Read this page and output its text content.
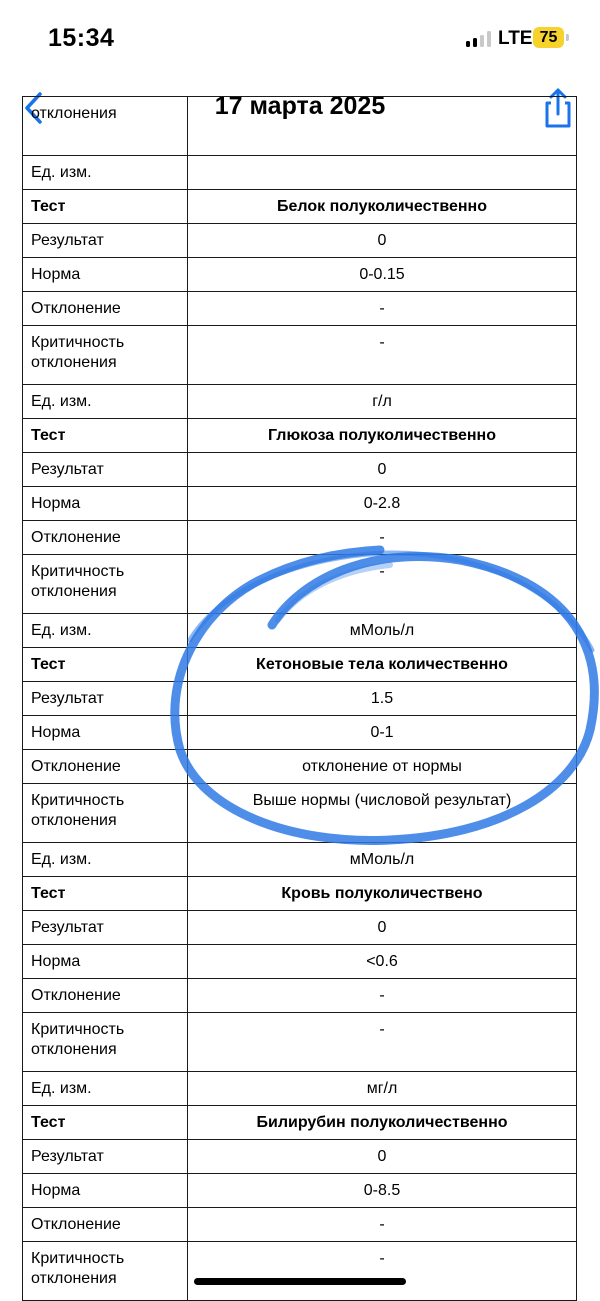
15:34	LTE 75
17 марта 2025
отклонения	
Ед. изм.	
Тест	Белок полуколичественно
Результат	0
Норма	0-0.15
Отклонение	-
Критичность отклонения	-
Ед. изм.	г/л
Тест	Глюкоза полуколичественно
Результат	0
Норма	0-2.8
Отклонение	-
Критичность отклонения	-
Ед. изм.	мМоль/л
Тест	Кетоновые тела количественно
Результат	1.5
Норма	0-1
Отклонение	отклонение от нормы
Критичность отклонения	Выше нормы (числовой результат)
Ед. изм.	мМоль/л
Тест	Кровь полуколичествено
Результат	0
Норма	<0.6
Отклонение	-
Критичность отклонения	-
Ед. изм.	мг/л
Тест	Билирубин полуколичественно
Результат	0
Норма	0-8.5
Отклонение	-
Критичность отклонения	-
